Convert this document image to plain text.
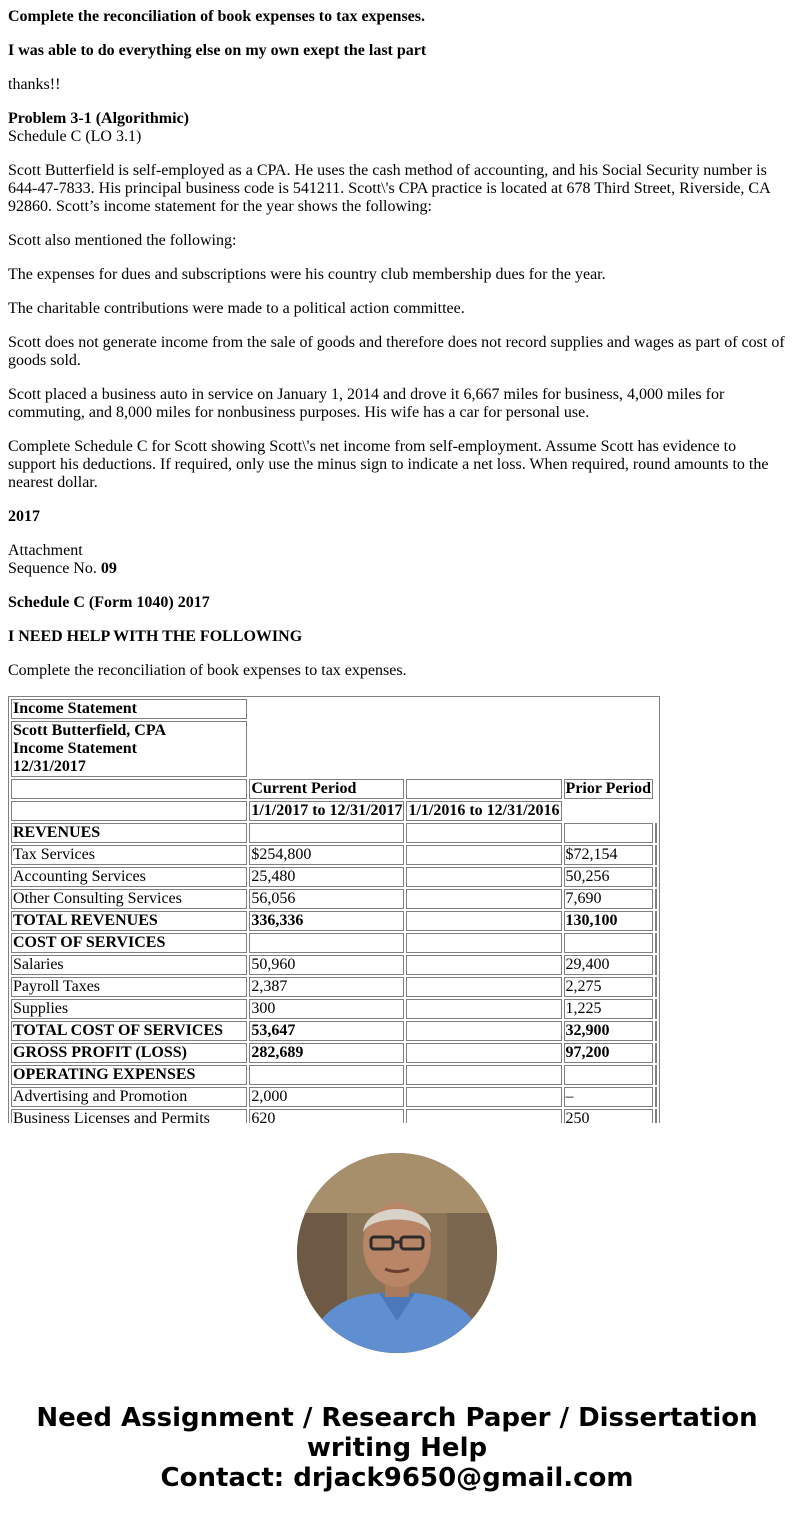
Complete the reconciliation of book expenses to tax expenses.
I was able to do everything else on my own exept the last part
thanks!!
Problem 3-1 (Algorithmic)
Schedule C (LO 3.1)
Scott Butterfield is self-employed as a CPA. He uses the cash method of accounting, and his Social Security number is 644-47-7833. His principal business code is 541211. Scott\'s CPA practice is located at 678 Third Street, Riverside, CA 92860. Scott’s income statement for the year shows the following:
Scott also mentioned the following:
The expenses for dues and subscriptions were his country club membership dues for the year.
The charitable contributions were made to a political action committee.
Scott does not generate income from the sale of goods and therefore does not record supplies and wages as part of cost of goods sold.
Scott placed a business auto in service on January 1, 2014 and drove it 6,667 miles for business, 4,000 miles for commuting, and 8,000 miles for nonbusiness purposes. His wife has a car for personal use.
Complete Schedule C for Scott showing Scott\'s net income from self-employment. Assume Scott has evidence to support his deductions. If required, only use the minus sign to indicate a net loss. When required, round amounts to the nearest dollar.
2017
Attachment
Sequence No. 09
Schedule C (Form 1040) 2017
I NEED HELP WITH THE FOLLOWING
Complete the reconciliation of book expenses to tax expenses.
Income Statement				

Scott Butterfield, CPA
Income Statement
12/31/2017				

	Current Period		Prior Period	
	1/1/2017 to 12/31/2017	1/1/2016 to 12/31/2016		
REVENUES				
Tax Services	$254,800		$72,154	
Accounting Services	25,480		50,256	
Other Consulting Services	56,056		7,690	
TOTAL REVENUES	336,336		130,100	
COST OF SERVICES				
Salaries	50,960		29,400	
Payroll Taxes	2,387		2,275	
Supplies	300		1,225	
TOTAL COST OF SERVICES	53,647		32,900	
GROSS PROFIT (LOSS)	282,689		97,200	
OPERATING EXPENSES				
Advertising and Promotion	2,000		–	
Business Licenses and Permits	620		250	
Need Assignment / Research Paper / Dissertation
writing Help
Contact: drjack9650@gmail.com
